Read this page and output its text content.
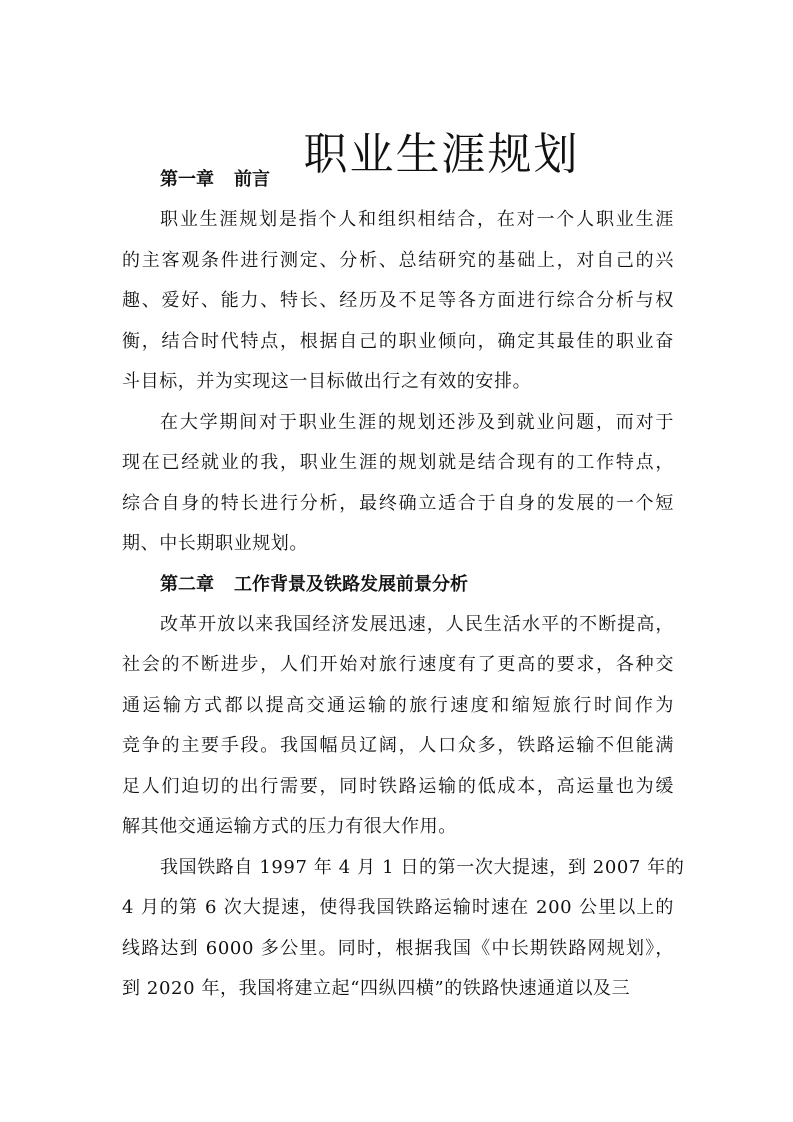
职业生涯规划
第一章 前言
职业生涯规划是指个人和组织相结合，在对一个人职业生涯
的主客观条件进行测定、分析、总结研究的基础上，对自己的兴
趣、爱好、能力、特长、经历及不足等各方面进行综合分析与权
衡，结合时代特点，根据自己的职业倾向，确定其最佳的职业奋
斗目标，并为实现这一目标做出行之有效的安排。
在大学期间对于职业生涯的规划还涉及到就业问题，而对于
现在已经就业的我，职业生涯的规划就是结合现有的工作特点，
综合自身的特长进行分析，最终确立适合于自身的发展的一个短
期、中长期职业规划。
第二章 工作背景及铁路发展前景分析
改革开放以来我国经济发展迅速，人民生活水平的不断提高，
社会的不断进步，人们开始对旅行速度有了更高的要求，各种交
通运输方式都以提高交通运输的旅行速度和缩短旅行时间作为
竞争的主要手段。我国幅员辽阔，人口众多，铁路运输不但能满
足人们迫切的出行需要，同时铁路运输的低成本，高运量也为缓
解其他交通运输方式的压力有很大作用。
我国铁路自 1997 年 4 月 1 日的第一次大提速，到 2007 年的
4 月的第 6 次大提速，使得我国铁路运输时速在 200 公里以上的
线路达到 6000 多公里。同时，根据我国《中长期铁路网规划》，
到 2020 年，我国将建立起“四纵四横”的铁路快速通道以及三
